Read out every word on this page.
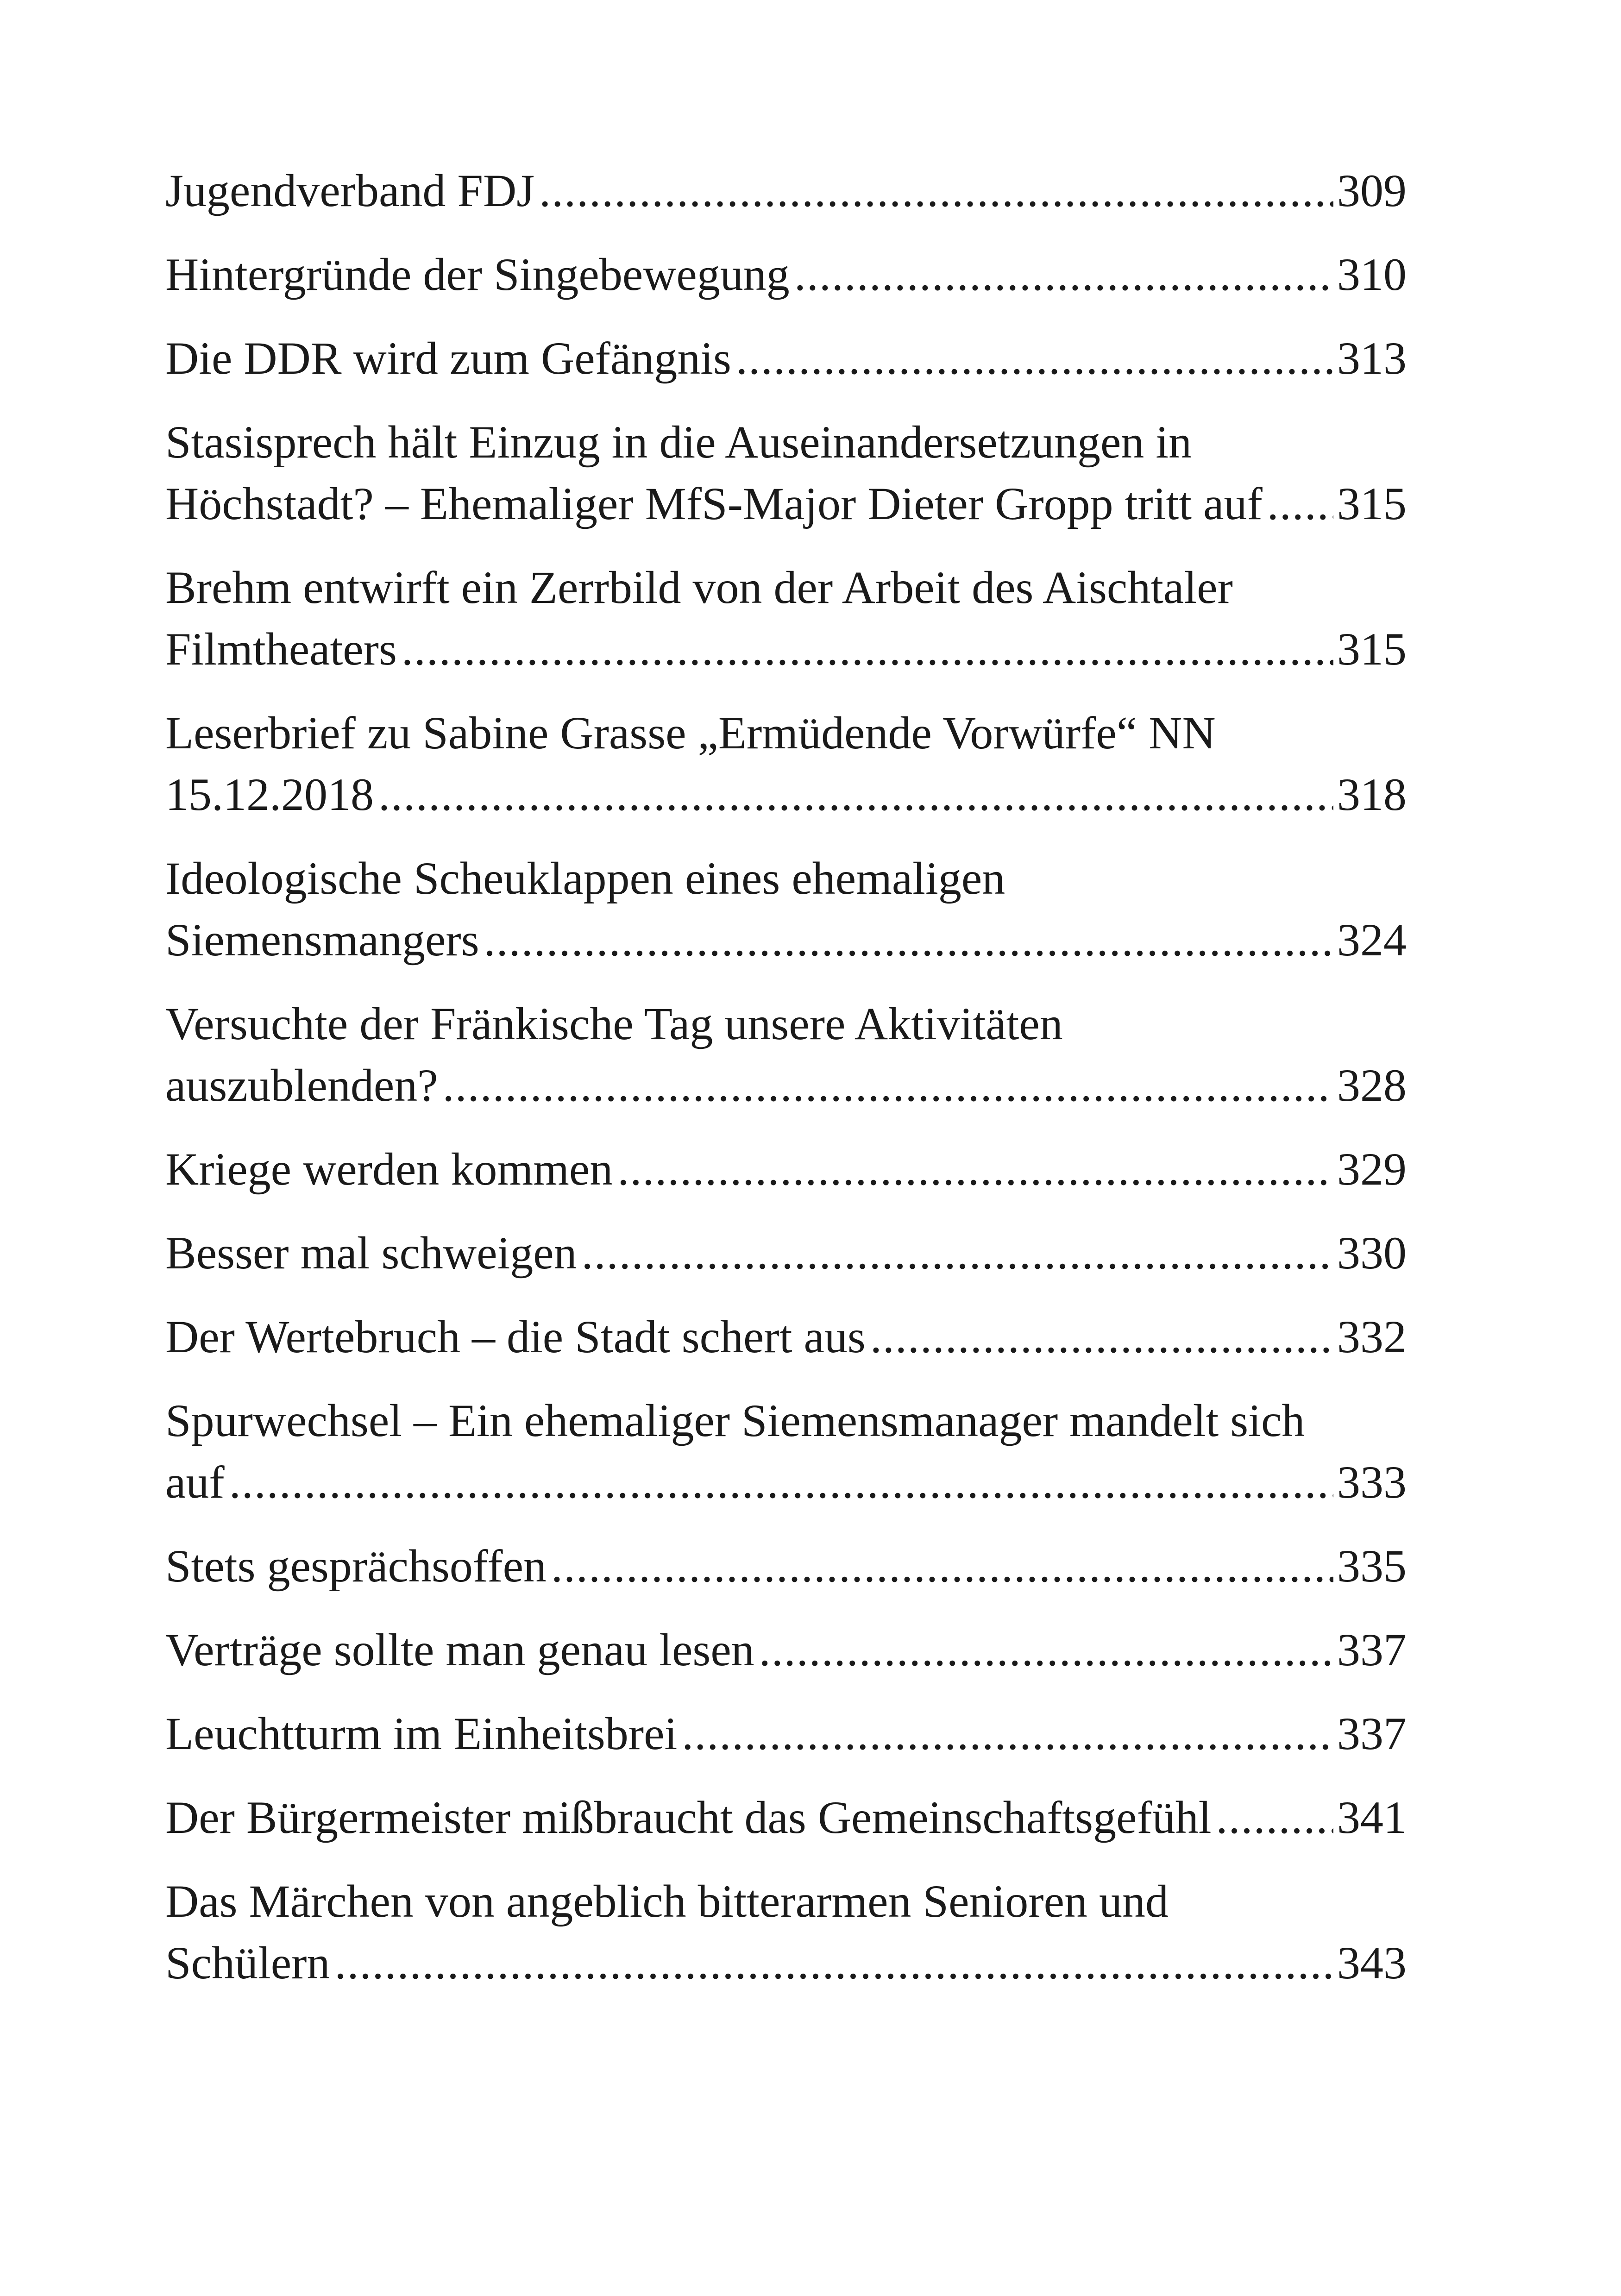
Jugendverband FDJ .....	309
Hintergründe der Singebewegung .....	310
Die DDR wird zum Gefängnis .....	313
Stasisprech hält Einzug in die Auseinandersetzungen in
Höchstadt? – Ehemaliger MfS-Major Dieter Gropp tritt auf ..... 315
Brehm entwirft ein Zerrbild von der Arbeit des Aischtaler
Filmtheaters .....	315
Leserbrief zu Sabine Grasse „Ermüdende Vorwürfe“ NN
15.12.2018 .....	318
Ideologische Scheuklappen eines ehemaligen
Siemensmangers .....	324
Versuchte der Fränkische Tag unsere Aktivitäten
auszublenden? .....	328
Kriege werden kommen .....	329
Besser mal schweigen .....	330
Der Wertebruch – die Stadt schert aus .....	332
Spurwechsel – Ein ehemaliger Siemensmanager mandelt sich
auf .....	333
Stets gesprächsoffen .....	335
Verträge sollte man genau lesen .....	337
Leuchtturm im Einheitsbrei .....	337
Der Bürgermeister mißbraucht das Gemeinschaftsgefühl .....	341
Das Märchen von angeblich bitterarmen Senioren und
Schülern .....	343
